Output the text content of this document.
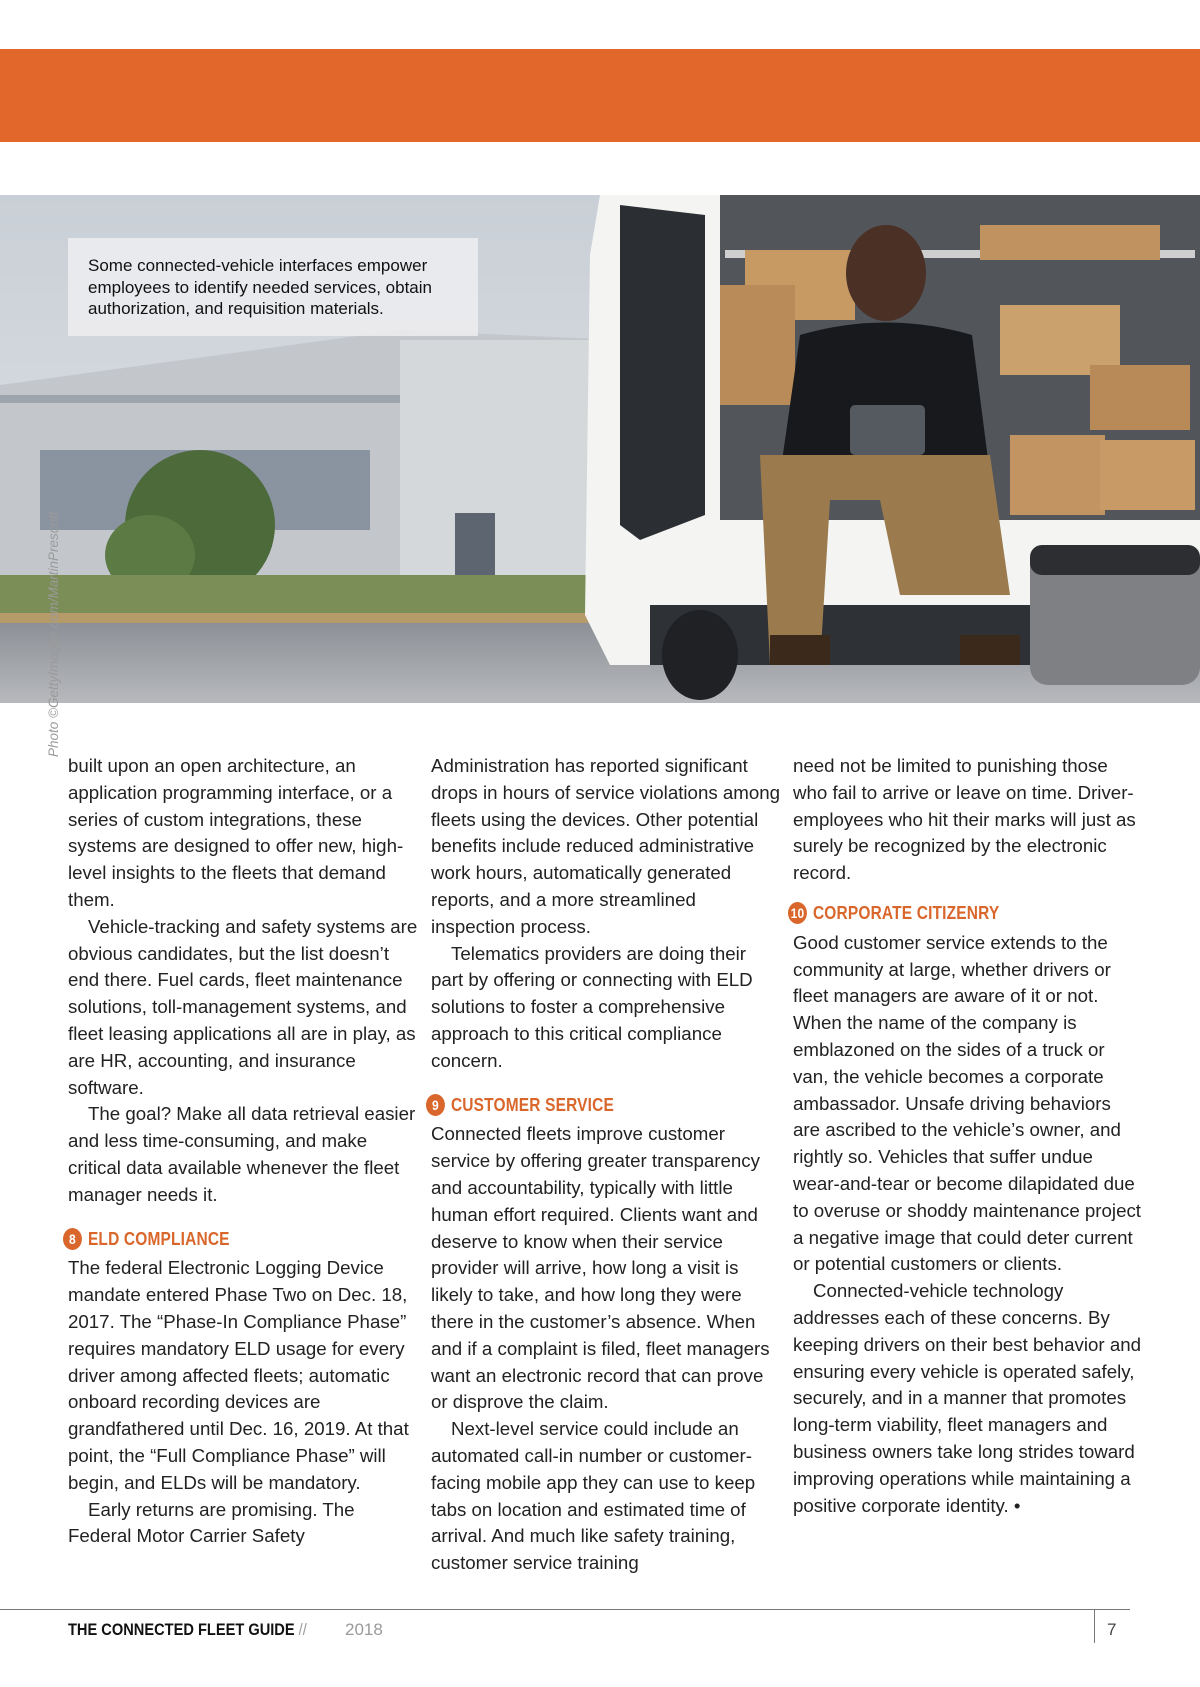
Some connected-vehicle interfaces empower employees to identify needed services, obtain authorization, and requisition materials.
Photo ©GettyImages.com/MartinPrescott

built upon an open architecture, an application programming interface, or a series of custom integrations, these systems are designed to offer new, high-level insights to the fleets that demand them.

Vehicle-tracking and safety systems are obvious candidates, but the list doesn’t end there. Fuel cards, fleet maintenance solutions, toll-management systems, and fleet leasing applications all are in play, as are HR, accounting, and insurance software.

The goal? Make all data retrieval easier and less time-consuming, and make critical data available whenever the fleet manager needs it.

8 ELD COMPLIANCE

The federal Electronic Logging Device mandate entered Phase Two on Dec. 18, 2017. The “Phase-In Compliance Phase” requires mandatory ELD usage for every driver among affected fleets; automatic onboard recording devices are grandfathered until Dec. 16, 2019. At that point, the “Full Compliance Phase” will begin, and ELDs will be mandatory.

Early returns are promising. The Federal Motor Carrier Safety

Administration has reported significant drops in hours of service violations among fleets using the devices. Other potential benefits include reduced administrative work hours, automatically generated reports, and a more streamlined inspection process.

Telematics providers are doing their part by offering or connecting with ELD solutions to foster a comprehensive approach to this critical compliance concern.

9 CUSTOMER SERVICE

Connected fleets improve customer service by offering greater transparency and accountability, typically with little human effort required. Clients want and deserve to know when their service provider will arrive, how long a visit is likely to take, and how long they were there in the customer’s absence. When and if a complaint is filed, fleet managers want an electronic record that can prove or disprove the claim.

Next-level service could include an automated call-in number or customer-facing mobile app they can use to keep tabs on location and estimated time of arrival. And much like safety training, customer service training

need not be limited to punishing those who fail to arrive or leave on time. Driver-employees who hit their marks will just as surely be recognized by the electronic record.

10 CORPORATE CITIZENRY

Good customer service extends to the community at large, whether drivers or fleet managers are aware of it or not. When the name of the company is emblazoned on the sides of a truck or van, the vehicle becomes a corporate ambassador. Unsafe driving behaviors are ascribed to the vehicle’s owner, and rightly so. Vehicles that suffer undue wear-and-tear or become dilapidated due to overuse or shoddy maintenance project a negative image that could deter current or potential customers or clients.

Connected-vehicle technology addresses each of these concerns. By keeping drivers on their best behavior and ensuring every vehicle is operated safely, securely, and in a manner that promotes long-term viability, fleet managers and business owners take long strides toward improving operations while maintaining a positive corporate identity. •

THE CONNECTED FLEET GUIDE // 2018	7
